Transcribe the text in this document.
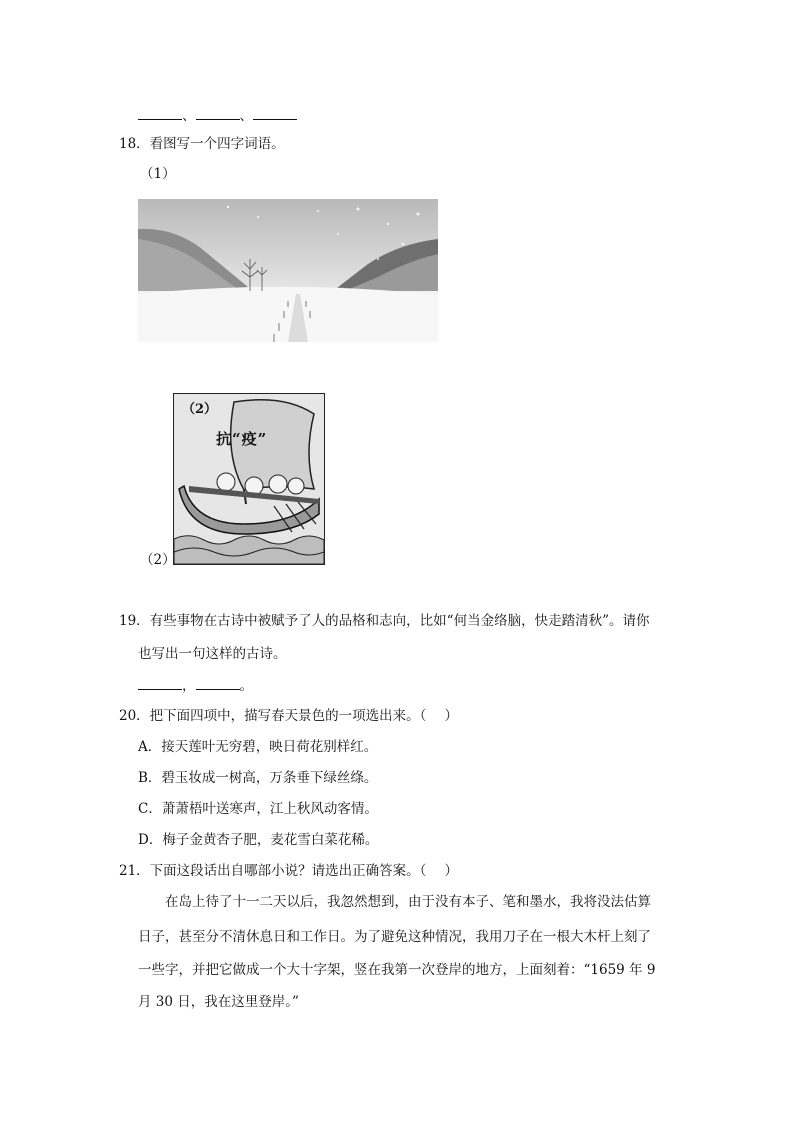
、	、
18．看图写一个四字词语。
（1）
（2）
抗“疫”
（2）
19．有些事物在古诗中被赋予了人的品格和志向，比如“何当金络脑，快走踏清秋”。请你
也写出一句这样的古诗。
，	。
20．把下面四项中，描写春天景色的一项选出来。（ ）
A．接天莲叶无穷碧，映日荷花别样红。
B．碧玉妆成一树高，万条垂下绿丝绦。
C．萧萧梧叶送寒声，江上秋风动客情。
D．梅子金黄杏子肥，麦花雪白菜花稀。
21．下面这段话出自哪部小说？请选出正确答案。（ ）
在岛上待了十一二天以后，我忽然想到，由于没有本子、笔和墨水，我将没法估算
日子，甚至分不清休息日和工作日。为了避免这种情况，我用刀子在一根大木杆上刻了
一些字，并把它做成一个大十字架，竖在我第一次登岸的地方，上面刻着：“1659 年 9
月 30 日，我在这里登岸。”
